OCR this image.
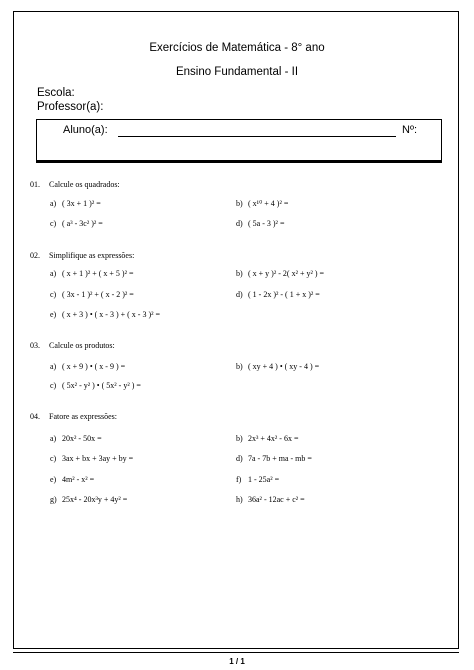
Exercícios de Matemática - 8° ano
Ensino Fundamental - II
Escola:
Professor(a):
Aluno(a):	Nº:
01. Calcule os quadrados:
a) ( 3x + 1 )² =	b) ( x¹⁰ + 4 )² =
c) ( a³ - 3c² )² =	d) ( 5a - 3 )² =
02. Simplifique as expressões:
a) ( x + 1 )² + ( x + 5 )² =	b) ( x + y )² - 2( x² + y² ) =
c) ( 3x - 1 )² + ( x - 2 )² =	d) ( 1 - 2x )² - ( 1 + x )² =
e) ( x + 3 ) • ( x - 3 ) + ( x - 3 )² =
03. Calcule os produtos:
a) ( x + 9 ) • ( x - 9 ) =	b) ( xy + 4 ) • ( xy - 4 ) =
c) ( 5x² - y² ) • ( 5x² - y² ) =
04. Fatore as expressões:
a) 20x² - 50x =	b) 2x³ + 4x² - 6x =
c) 3ax + bx + 3ay + by =	d) 7a - 7b + ma - mb =
e) 4m² - x² =	f) 1 - 25a² =
g) 25x⁴ - 20x³y + 4y² =	h) 36a² - 12ac + c² =
1 / 1
